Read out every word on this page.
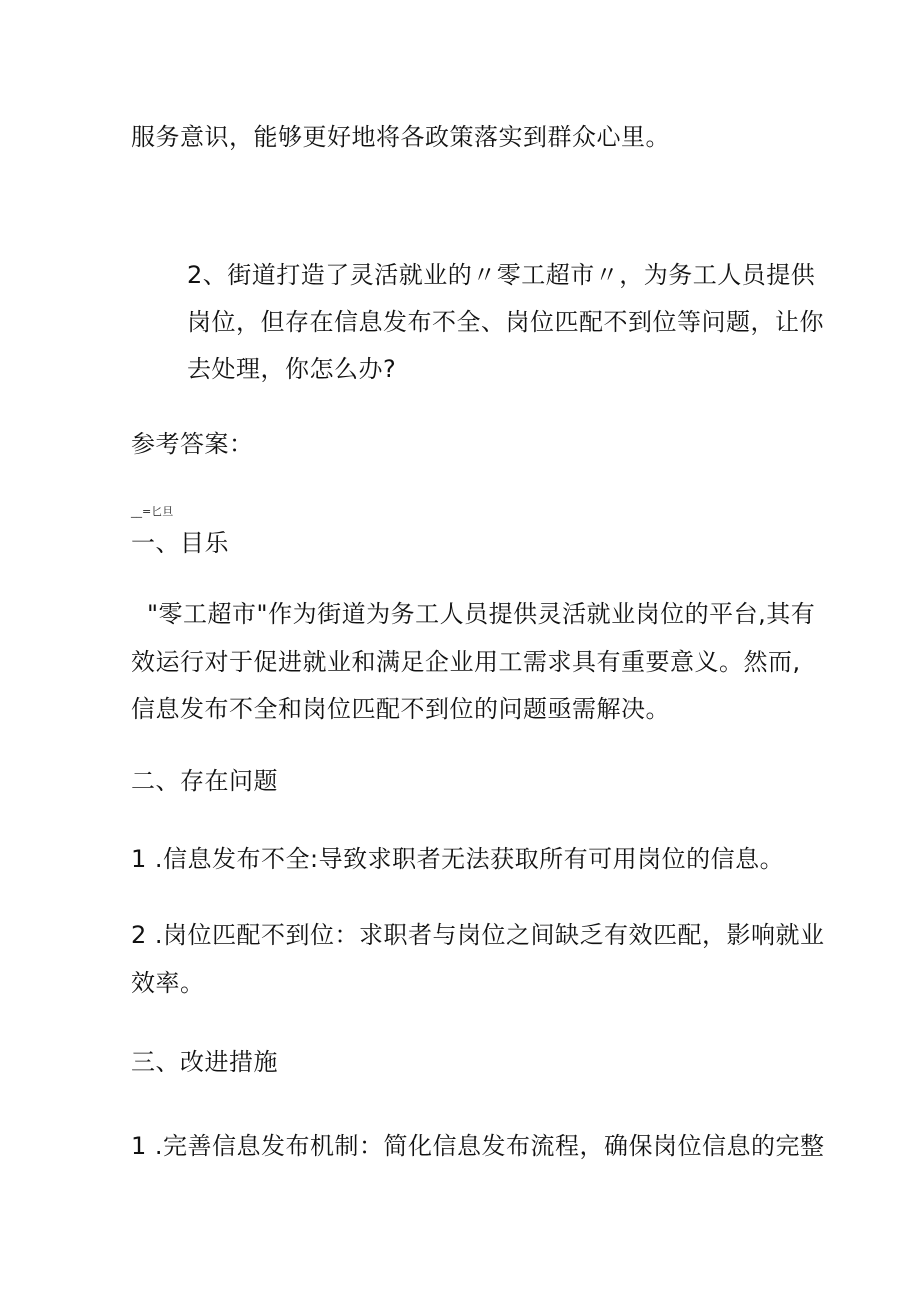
服务意识，能够更好地将各政策落实到群众心里。
2、街道打造了灵活就业的〃零工超市〃，为务工人员提供
岗位，但存在信息发布不全、岗位匹配不到位等问题，让你
去处理，你怎么办?
参考答案：
__=匕旦
一、目乐
"零工超市"作为街道为务工人员提供灵活就业岗位的平台,其有
效运行对于促进就业和满足企业用工需求具有重要意义。然而,
信息发布不全和岗位匹配不到位的问题亟需解决。
二、存在问题
1 .信息发布不全:导致求职者无法获取所有可用岗位的信息。
2 .岗位匹配不到位：求职者与岗位之间缺乏有效匹配，影响就业
效率。
三、改进措施
1 .完善信息发布机制：简化信息发布流程，确保岗位信息的完整
